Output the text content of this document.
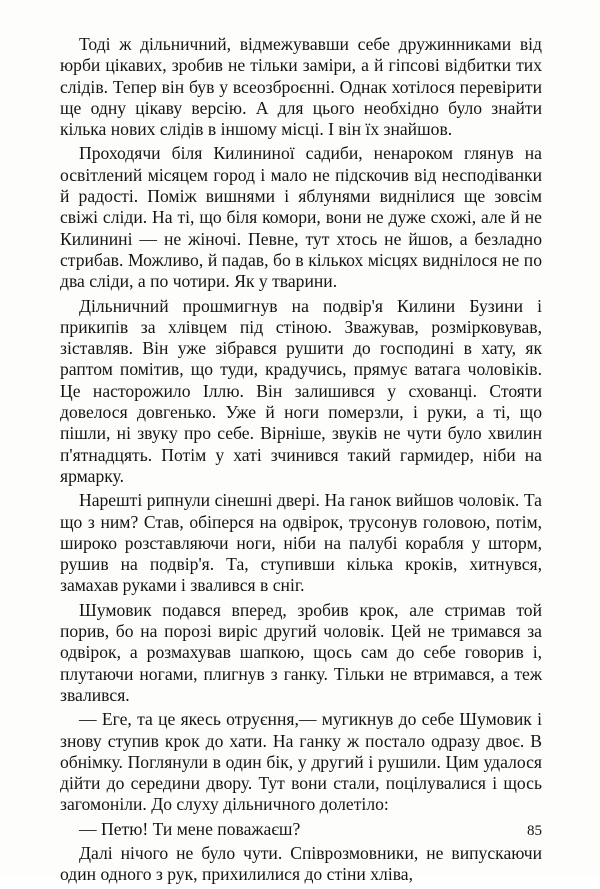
Тоді ж дільничний, відмежувавши себе дружинниками від юрби цікавих, зробив не тільки заміри, а й гіпсові відбитки тих слідів. Тепер він був у всеозброєнні. Однак хотілося перевірити ще одну цікаву версію. А для цього необхідно було знайти кілька нових слідів в іншому місці. І він їх знайшов.

Проходячи біля Килининої садиби, ненароком глянув на освітлений місяцем город і мало не підскочив від несподіванки й радості. Поміж вишнями і яблунями виднілися ще зовсім свіжі сліди. На ті, що біля комори, вони не дуже схожі, але й не Килинині — не жіночі. Певне, тут хтось не йшов, а безладно стрибав. Можливо, й падав, бо в кількох місцях виднілося не по два сліди, а по чотири. Як у тварини.

Дільничний прошмигнув на подвір'я Килини Бузини і прикипів за хлівцем під стіною. Зважував, розмірковував, зіставляв. Він уже зібрався рушити до господині в хату, як раптом помітив, що туди, крадучись, прямує ватага чоловіків. Це насторожило Іллю. Він залишився у схованці. Стояти довелося довгенько. Уже й ноги померзли, і руки, а ті, що пішли, ні звуку про себе. Вірніше, звуків не чути було хвилин п'ятнадцять. Потім у хаті зчинився такий гармидер, ніби на ярмарку.

Нарешті рипнули сінешні двері. На ганок вийшов чоловік. Та що з ним? Став, обіперся на одвірок, трусонув головою, потім, широко розставляючи ноги, ніби на палубі корабля у шторм, рушив на подвір'я. Та, ступивши кілька кроків, хитнувся, замахав руками і звалився в сніг.

Шумовик подався вперед, зробив крок, але стримав той порив, бо на порозі виріс другий чоловік. Цей не тримався за одвірок, а розмахував шапкою, щось сам до себе говорив і, плутаючи ногами, плигнув з ганку. Тільки не втримався, а теж звалився.

— Еге, та це якесь отруєння,— мугикнув до себе Шумовик і знову ступив крок до хати. На ганку ж постало одразу двоє. В обнімку. Поглянули в один бік, у другий і рушили. Цим удалося дійти до середини двору. Тут вони стали, поцілувалися і щось загомоніли. До слуху дільничного долетіло:

— Петю! Ти мене поважаєш?

Далі нічого не було чути. Співрозмовники, не випускаючи один одного з рук, прихилилися до стіни хліва,

85
